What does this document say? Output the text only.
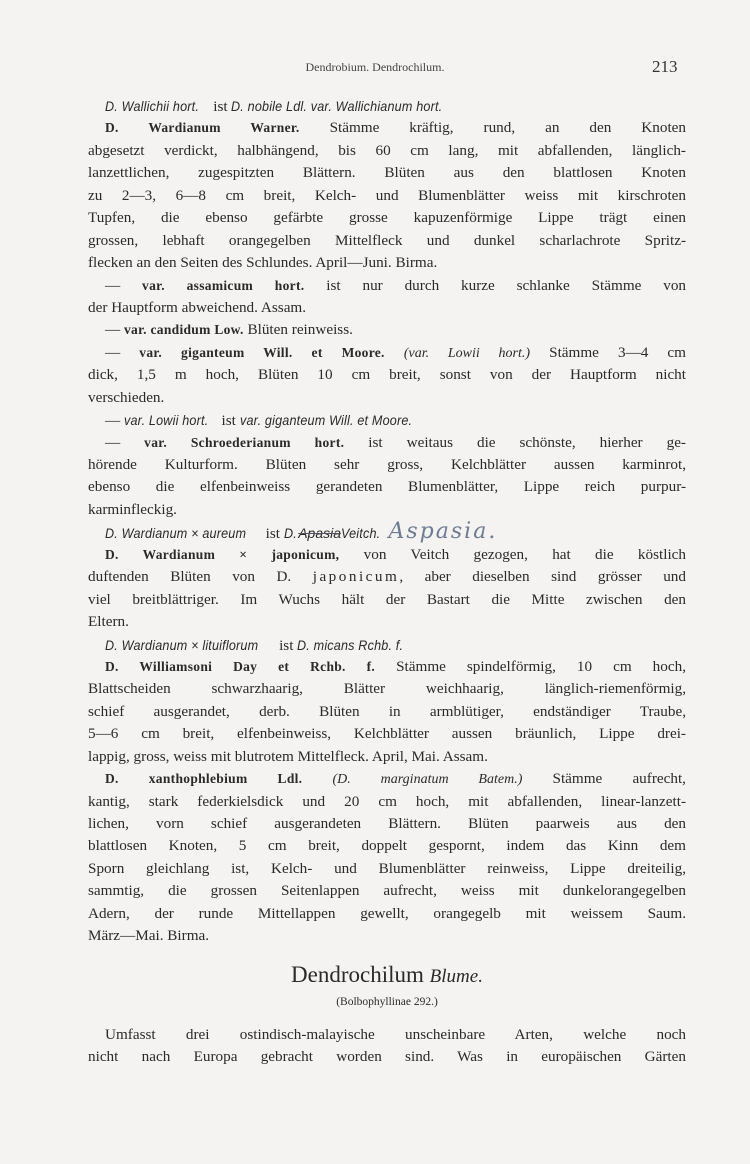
Dendrobium. Dendrochilum.	213
D. Wallichii hort. ist D. nobile Ldl. var. Wallichianum hort.
D. Wardianum Warner. Stämme kräftig, rund, an den Knoten
abgesetzt verdickt, halbhängend, bis 60 cm lang, mit abfallenden, länglich-
lanzettlichen, zugespitzten Blättern. Blüten aus den blattlosen Knoten
zu 2—3, 6—8 cm breit, Kelch- und Blumenblätter weiss mit kirschroten
Tupfen, die ebenso gefärbte grosse kapuzenförmige Lippe trägt einen
grossen, lebhaft orangegelben Mittelfleck und dunkel scharlachrote Spritz-
flecken an den Seiten des Schlundes. April—Juni. Birma.
— var. assamicum hort. ist nur durch kurze schlanke Stämme von
der Hauptform abweichend. Assam.
— var. candidum Low. Blüten reinweiss.
— var. giganteum Will. et Moore. (var. Lowii hort.) Stämme 3—4 cm
dick, 1,5 m hoch, Blüten 10 cm breit, sonst von der Hauptform nicht
verschieden.
— var. Lowii hort. ist var. giganteum Will. et Moore.
— var. Schroederianum hort. ist weitaus die schönste, hierher ge-
hörende Kulturform. Blüten sehr gross, Kelchblätter aussen karminrot,
ebenso die elfenbeinweiss gerandeten Blumenblätter, Lippe reich purpur-
karminfleckig.
D. Wardianum × aureum ist D.ApasiaVeitch. Aspasia.
D. Wardianum × japonicum, von Veitch gezogen, hat die köstlich
duftenden Blüten von D. japonicum, aber dieselben sind grösser und
viel breitblättriger. Im Wuchs hält der Bastart die Mitte zwischen den
Eltern.
D. Wardianum × lituiflorum ist D. micans Rchb. f.
D. Williamsoni Day et Rchb. f. Stämme spindelförmig, 10 cm hoch,
Blattscheiden schwarzhaarig, Blätter weichhaarig, länglich-riemenförmig,
schief ausgerandet, derb. Blüten in armblütiger, endständiger Traube,
5—6 cm breit, elfenbeinweiss, Kelchblätter aussen bräunlich, Lippe drei-
lappig, gross, weiss mit blutrotem Mittelfleck. April, Mai. Assam.
D. xanthophlebium Ldl. (D. marginatum Batem.) Stämme aufrecht,
kantig, stark federkielsdick und 20 cm hoch, mit abfallenden, linear-lanzett-
lichen, vorn schief ausgerandeten Blättern. Blüten paarweis aus den
blattlosen Knoten, 5 cm breit, doppelt gespornt, indem das Kinn dem
Sporn gleichlang ist, Kelch- und Blumenblätter reinweiss, Lippe dreiteilig,
sammtig, die grossen Seitenlappen aufrecht, weiss mit dunkelorangegelben
Adern, der runde Mittellappen gewellt, orangegelb mit weissem Saum.
März—Mai. Birma.
Dendrochilum Blume.
(Bolbophyllinae 292.)
Umfasst drei ostindisch-malayische unscheinbare Arten, welche noch
nicht nach Europa gebracht worden sind. Was in europäischen Gärten
